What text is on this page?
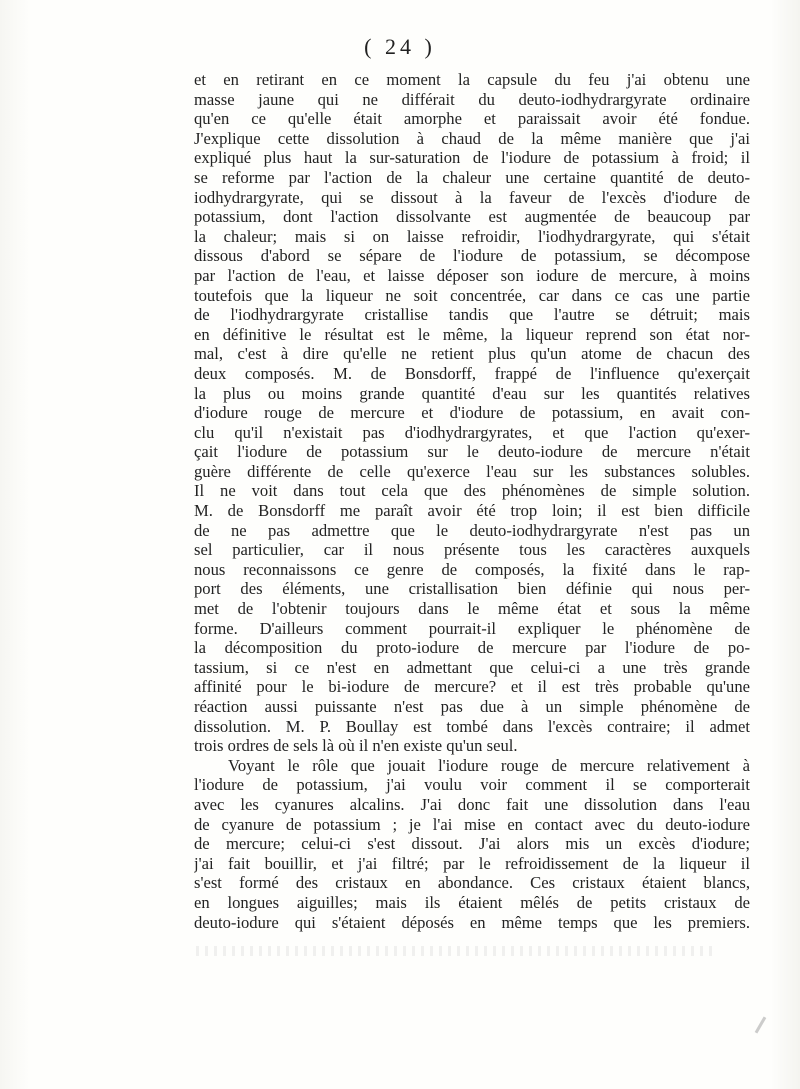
( 24 )
et en retirant en ce moment la capsule du feu j'ai obtenu une
masse jaune qui ne différait du deuto-iodhydrargyrate ordinaire
qu'en ce qu'elle était amorphe et paraissait avoir été fondue.
J'explique cette dissolution à chaud de la même manière que j'ai
expliqué plus haut la sur-saturation de l'iodure de potassium à froid; il
se reforme par l'action de la chaleur une certaine quantité de deuto-
iodhydrargyrate, qui se dissout à la faveur de l'excès d'iodure de
potassium, dont l'action dissolvante est augmentée de beaucoup par
la chaleur; mais si on laisse refroidir, l'iodhydrargyrate, qui s'était
dissous d'abord se sépare de l'iodure de potassium, se décompose
par l'action de l'eau, et laisse déposer son iodure de mercure, à moins
toutefois que la liqueur ne soit concentrée, car dans ce cas une partie
de l'iodhydrargyrate cristallise tandis que l'autre se détruit; mais
en définitive le résultat est le même, la liqueur reprend son état nor-
mal, c'est à dire qu'elle ne retient plus qu'un atome de chacun des
deux composés. M. de Bonsdorff, frappé de l'influence qu'exerçait
la plus ou moins grande quantité d'eau sur les quantités relatives
d'iodure rouge de mercure et d'iodure de potassium, en avait con-
clu qu'il n'existait pas d'iodhydrargyrates, et que l'action qu'exer-
çait l'iodure de potassium sur le deuto-iodure de mercure n'était
guère différente de celle qu'exerce l'eau sur les substances solubles.
Il ne voit dans tout cela que des phénomènes de simple solution.
M. de Bonsdorff me paraît avoir été trop loin; il est bien difficile
de ne pas admettre que le deuto-iodhydrargyrate n'est pas un
sel particulier, car il nous présente tous les caractères auxquels
nous reconnaissons ce genre de composés, la fixité dans le rap-
port des éléments, une cristallisation bien définie qui nous per-
met de l'obtenir toujours dans le même état et sous la même
forme. D'ailleurs comment pourrait-il expliquer le phénomène de
la décomposition du proto-iodure de mercure par l'iodure de po-
tassium, si ce n'est en admettant que celui-ci a une très grande
affinité pour le bi-iodure de mercure? et il est très probable qu'une
réaction aussi puissante n'est pas due à un simple phénomène de
dissolution. M. P. Boullay est tombé dans l'excès contraire; il admet
trois ordres de sels là où il n'en existe qu'un seul.
Voyant le rôle que jouait l'iodure rouge de mercure relativement à
l'iodure de potassium, j'ai voulu voir comment il se comporterait
avec les cyanures alcalins. J'ai donc fait une dissolution dans l'eau
de cyanure de potassium ; je l'ai mise en contact avec du deuto-iodure
de mercure; celui-ci s'est dissout. J'ai alors mis un excès d'iodure;
j'ai fait bouillir, et j'ai filtré; par le refroidissement de la liqueur il
s'est formé des cristaux en abondance. Ces cristaux étaient blancs,
en longues aiguilles; mais ils étaient mêlés de petits cristaux de
deuto-iodure qui s'étaient déposés en même temps que les premiers.
